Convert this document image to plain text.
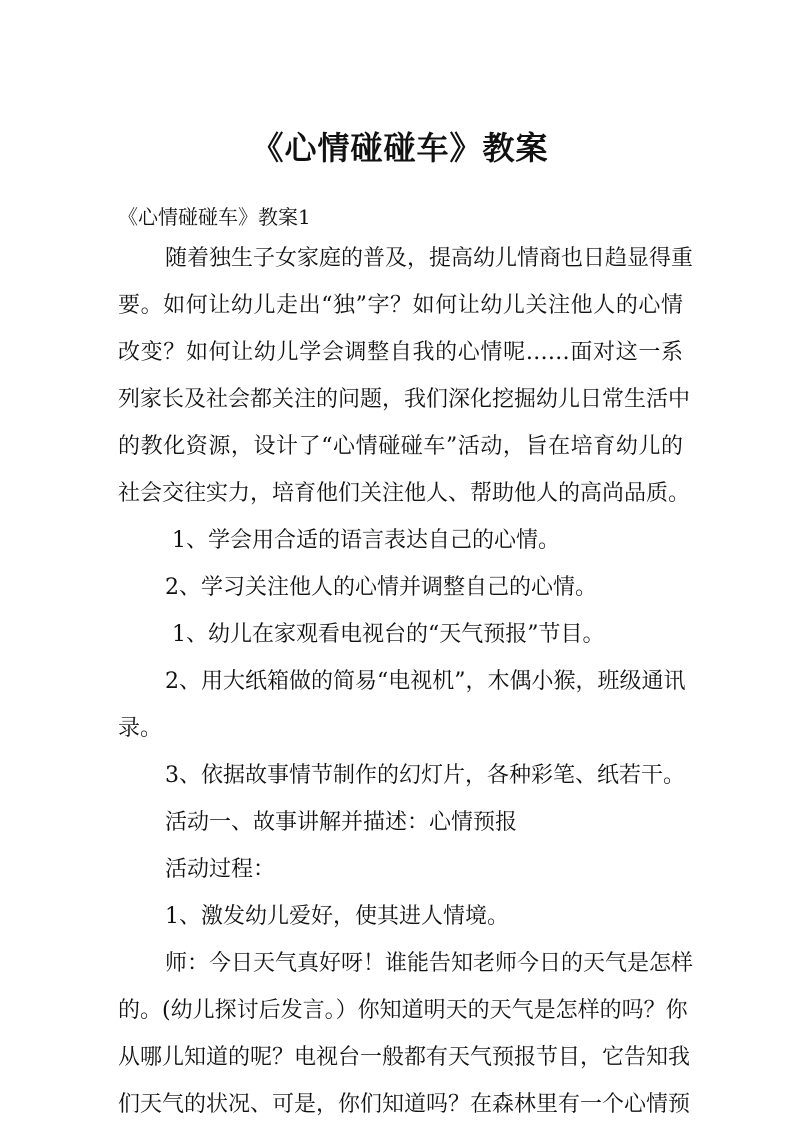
《心情碰碰车》教案
《心情碰碰车》教案1
随着独生子女家庭的普及，提高幼儿情商也日趋显得重
要。如何让幼儿走出“独”字？如何让幼儿关注他人的心情
改变？如何让幼儿学会调整自我的心情呢……面对这一系
列家长及社会都关注的问题，我们深化挖掘幼儿日常生活中
的教化资源，设计了“心情碰碰车”活动，旨在培育幼儿的
社会交往实力，培育他们关注他人、帮助他人的高尚品质。
1、学会用合适的语言表达自己的心情。
2、学习关注他人的心情并调整自己的心情。
1、幼儿在家观看电视台的“天气预报”节目。
2、用大纸箱做的简易“电视机”，木偶小猴，班级通讯
录。
3、依据故事情节制作的幻灯片，各种彩笔、纸若干。
活动一、故事讲解并描述：心情预报
活动过程：
1、激发幼儿爱好，使其进人情境。
师：今日天气真好呀！谁能告知老师今日的天气是怎样
的。(幼儿探讨后发言。）你知道明天的天气是怎样的吗？你
从哪儿知道的呢？电视台一般都有天气预报节目，它告知我
们天气的状况、可是，你们知道吗？在森林里有一个心情预
